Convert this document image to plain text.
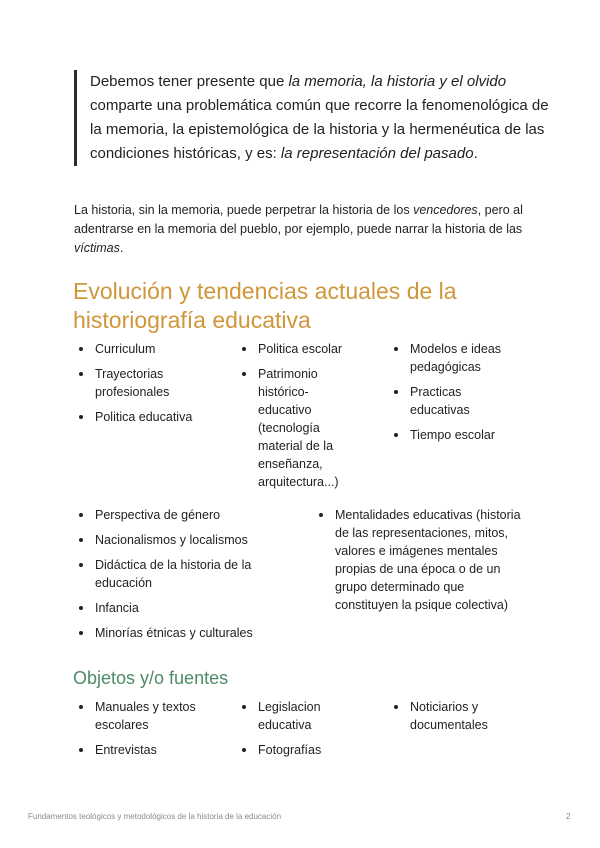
Debemos tener presente que la memoria, la historia y el olvido comparte una problemática común que recorre la fenomenológica de la memoria, la epistemológica de la historia y la hermenéutica de las condiciones históricas, y es: la representación del pasado.

La historia, sin la memoria, puede perpetrar la historia de los vencedores, pero al adentrarse en la memoria del pueblo, por ejemplo, puede narrar la historia de las víctimas.

Evolución y tendencias actuales de la historiografía educativa
Curriculum
Trayectorias profesionales
Politica educativa
Politica escolar
Patrimonio histórico-educativo (tecnología material de la enseñanza, arquitectura...)
Modelos e ideas pedagógicas
Practicas educativas
Tiempo escolar
Perspectiva de género
Nacionalismos y localismos
Didáctica de la historia de la educación
Infancia
Minorías étnicas y culturales
Mentalidades educativas (historia de las representaciones, mitos, valores e imágenes mentales propias de una época o de un grupo determinado que constituyen la psique colectiva)
Objetos y/o fuentes
Manuales y textos escolares
Entrevistas
Legislacion educativa
Fotografías
Noticiarios y documentales
Fundamentos teológicos y metodológicos de la historia de la educación	2
